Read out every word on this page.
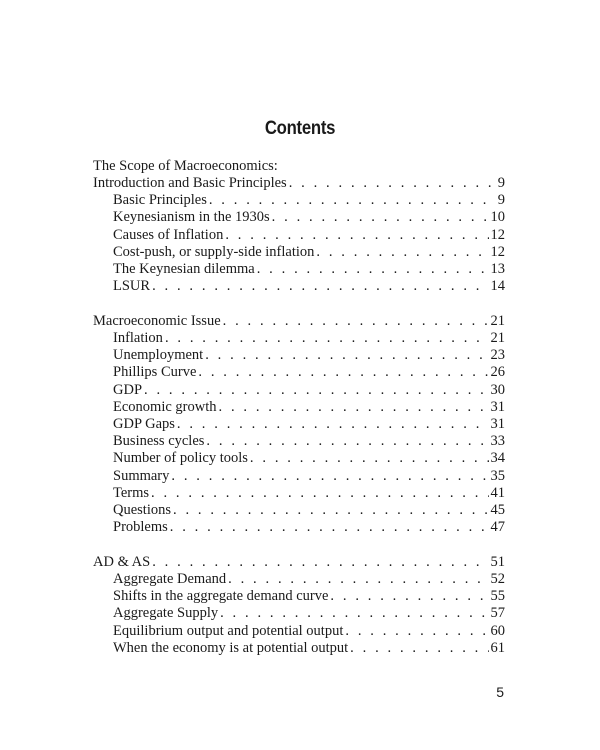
Contents
The Scope of Macroeconomics:
Introduction and Basic Principles . . .	9
Basic Principles . . .	9
Keynesianism in the 1930s . . .	10
Causes of Inflation . . .	12
Cost-push, or supply-side inflation . . .	12
The Keynesian dilemma . . .	13
LSUR . . .	14
Macroeconomic Issue . . .	21
Inflation . . .	21
Unemployment . . .	23
Phillips Curve . . .	26
GDP . . .	30
Economic growth . . .	31
GDP Gaps . . .	31
Business cycles . . .	33
Number of policy tools . . .	34
Summary . . .	35
Terms . . .	41
Questions . . .	45
Problems . . .	47
AD & AS . . .	51
Aggregate Demand . . .	52
Shifts in the aggregate demand curve . . .	55
Aggregate Supply . . .	57
Equilibrium output and potential output . . .	60
When the economy is at potential output . . .	61
5
